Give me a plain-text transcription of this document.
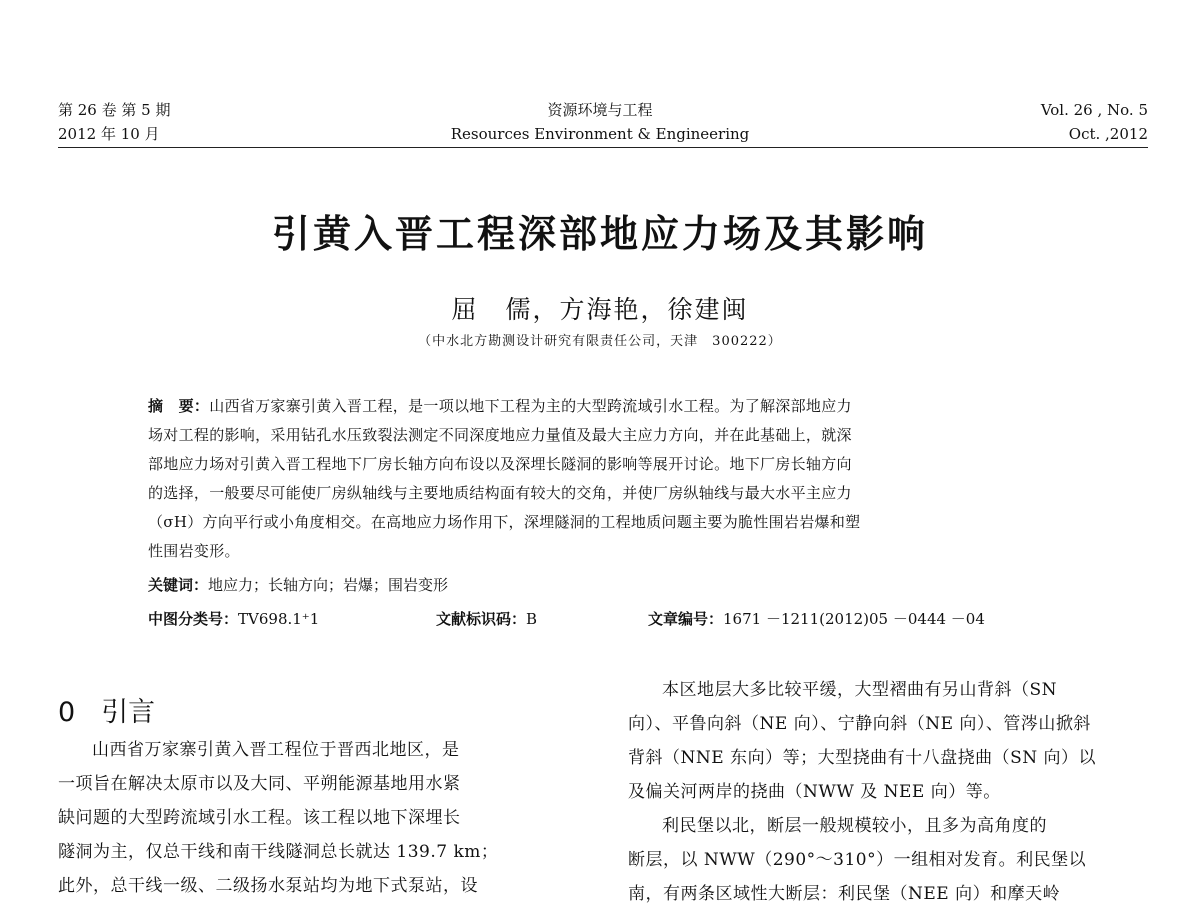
第 26 卷 第 5 期
2012 年 10 月
资源环境与工程
Resources Environment & Engineering
Vol. 26 , No. 5
Oct. ,2012
引黄入晋工程深部地应力场及其影响
屈　儒，方海艳，徐建闽
（中水北方勘测设计研究有限责任公司，天津　300222）

摘　要：山西省万家寨引黄入晋工程，是一项以地下工程为主的大型跨流域引水工程。为了解深部地应力

场对工程的影响，采用钻孔水压致裂法测定不同深度地应力量值及最大主应力方向，并在此基础上，就深

部地应力场对引黄入晋工程地下厂房长轴方向布设以及深埋长隧洞的影响等展开讨论。地下厂房长轴方向

的选择，一般要尽可能使厂房纵轴线与主要地质结构面有较大的交角，并使厂房纵轴线与最大水平主应力

（σH）方向平行或小角度相交。在高地应力场作用下，深埋隧洞的工程地质问题主要为脆性围岩岩爆和塑

性围岩变形。

关键词：地应力；长轴方向；岩爆；围岩变形
中图分类号：TV698.1⁺1	文献标识码：B	文章编号：1671 －1211(2012)05 －0444 －04
0 引言

山西省万家寨引黄入晋工程位于晋西北地区，是

一项旨在解决太原市以及大同、平朔能源基地用水紧

缺问题的大型跨流域引水工程。该工程以地下深埋长

隧洞为主，仅总干线和南干线隧洞总长就达 139.7 km；

此外，总干线一级、二级扬水泵站均为地下式泵站，设

本区地层大多比较平缓，大型褶曲有另山背斜（SN

向）、平鲁向斜（NE 向）、宁静向斜（NE 向）、管涔山掀斜

背斜（NNE 东向）等；大型挠曲有十八盘挠曲（SN 向）以

及偏关河两岸的挠曲（NWW 及 NEE 向）等。

利民堡以北，断层一般规模较小，且多为高角度的

断层，以 NWW（290°～310°）一组相对发育。利民堡以

南，有两条区域性大断层：利民堡（NEE 向）和摩天岭
